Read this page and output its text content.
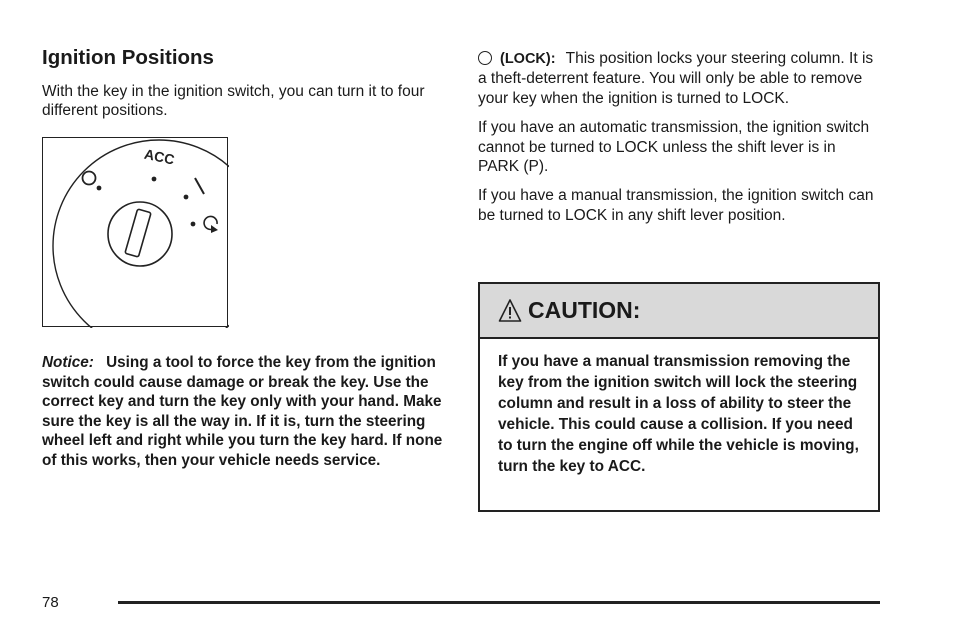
Ignition Positions

With the key in the ignition switch, you can turn it to four different positions.

ACC
Notice: Using a tool to force the key from the ignition switch could cause damage or break the key. Use the correct key and turn the key only with your hand. Make sure the key is all the way in. If it is, turn the steering wheel left and right while you turn the key hard. If none of this works, then your vehicle needs service.

(LOCK): This position locks your steering column. It is a theft-deterrent feature. You will only be able to remove your key when the ignition is turned to LOCK.

If you have an automatic transmission, the ignition switch cannot be turned to LOCK unless the shift lever is in PARK (P).

If you have a manual transmission, the ignition switch can be turned to LOCK in any shift lever position.

CAUTION:
If you have a manual transmission removing the key from the ignition switch will lock the steering column and result in a loss of ability to steer the vehicle. This could cause a collision. If you need to turn the engine off while the vehicle is moving, turn the key to ACC.
78
